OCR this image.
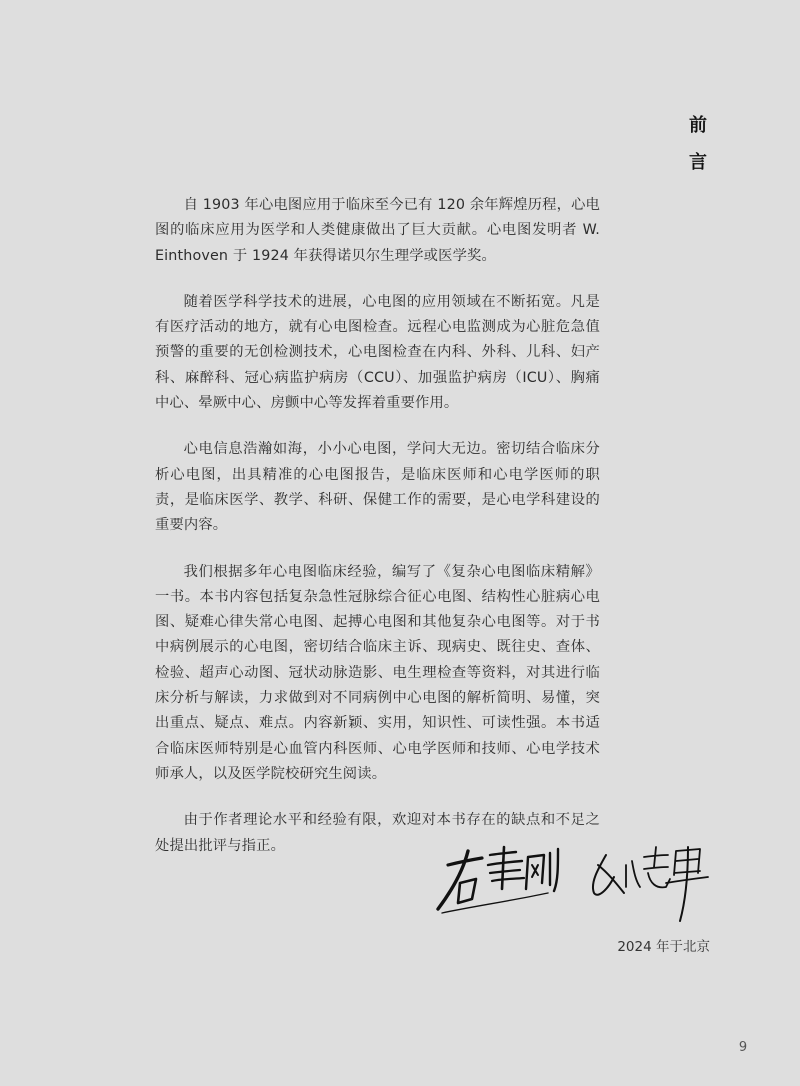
前
言

自 1903 年心电图应用于临床至今已有 120 余年辉煌历程，心电图的临床应用为医学和人类健康做出了巨大贡献。心电图发明者 W. Einthoven 于 1924 年获得诺贝尔生理学或医学奖。

随着医学科学技术的进展，心电图的应用领域在不断拓宽。凡是有医疗活动的地方，就有心电图检查。远程心电监测成为心脏危急值预警的重要的无创检测技术，心电图检查在内科、外科、儿科、妇产科、麻醉科、冠心病监护病房（CCU）、加强监护病房（ICU）、胸痛中心、晕厥中心、房颤中心等发挥着重要作用。

心电信息浩瀚如海，小小心电图，学问大无边。密切结合临床分析心电图，出具精准的心电图报告，是临床医师和心电学医师的职责，是临床医学、教学、科研、保健工作的需要，是心电学科建设的重要内容。

我们根据多年心电图临床经验，编写了《复杂心电图临床精解》一书。本书内容包括复杂急性冠脉综合征心电图、结构性心脏病心电图、疑难心律失常心电图、起搏心电图和其他复杂心电图等。对于书中病例展示的心电图，密切结合临床主诉、现病史、既往史、查体、检验、超声心动图、冠状动脉造影、电生理检查等资料，对其进行临床分析与解读，力求做到对不同病例中心电图的解析简明、易懂，突出重点、疑点、难点。内容新颖、实用，知识性、可读性强。本书适合临床医师特别是心血管内科医师、心电学医师和技师、心电学技术师承人，以及医学院校研究生阅读。

由于作者理论水平和经验有限，欢迎对本书存在的缺点和不足之处提出批评与指正。

2024 年于北京
9
